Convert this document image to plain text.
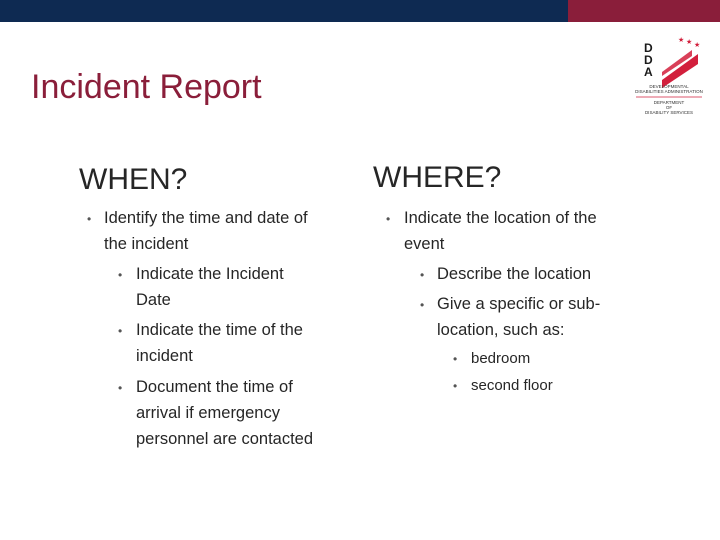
Incident Report
★ ★
★
D
D
A
DEVELOPMENTAL
DISABILITIES ADMINISTRATION
DEPARTMENT
OF
DISABILITY SERVICES
WHEN?
• Identify the time and date of the incident
• Indicate the Incident Date
• Indicate the time of the incident
• Document the time of arrival if emergency personnel are contacted
WHERE?
• Indicate the location of the event
• Describe the location
• Give a specific or sub-location, such as:
• bedroom
• second floor
